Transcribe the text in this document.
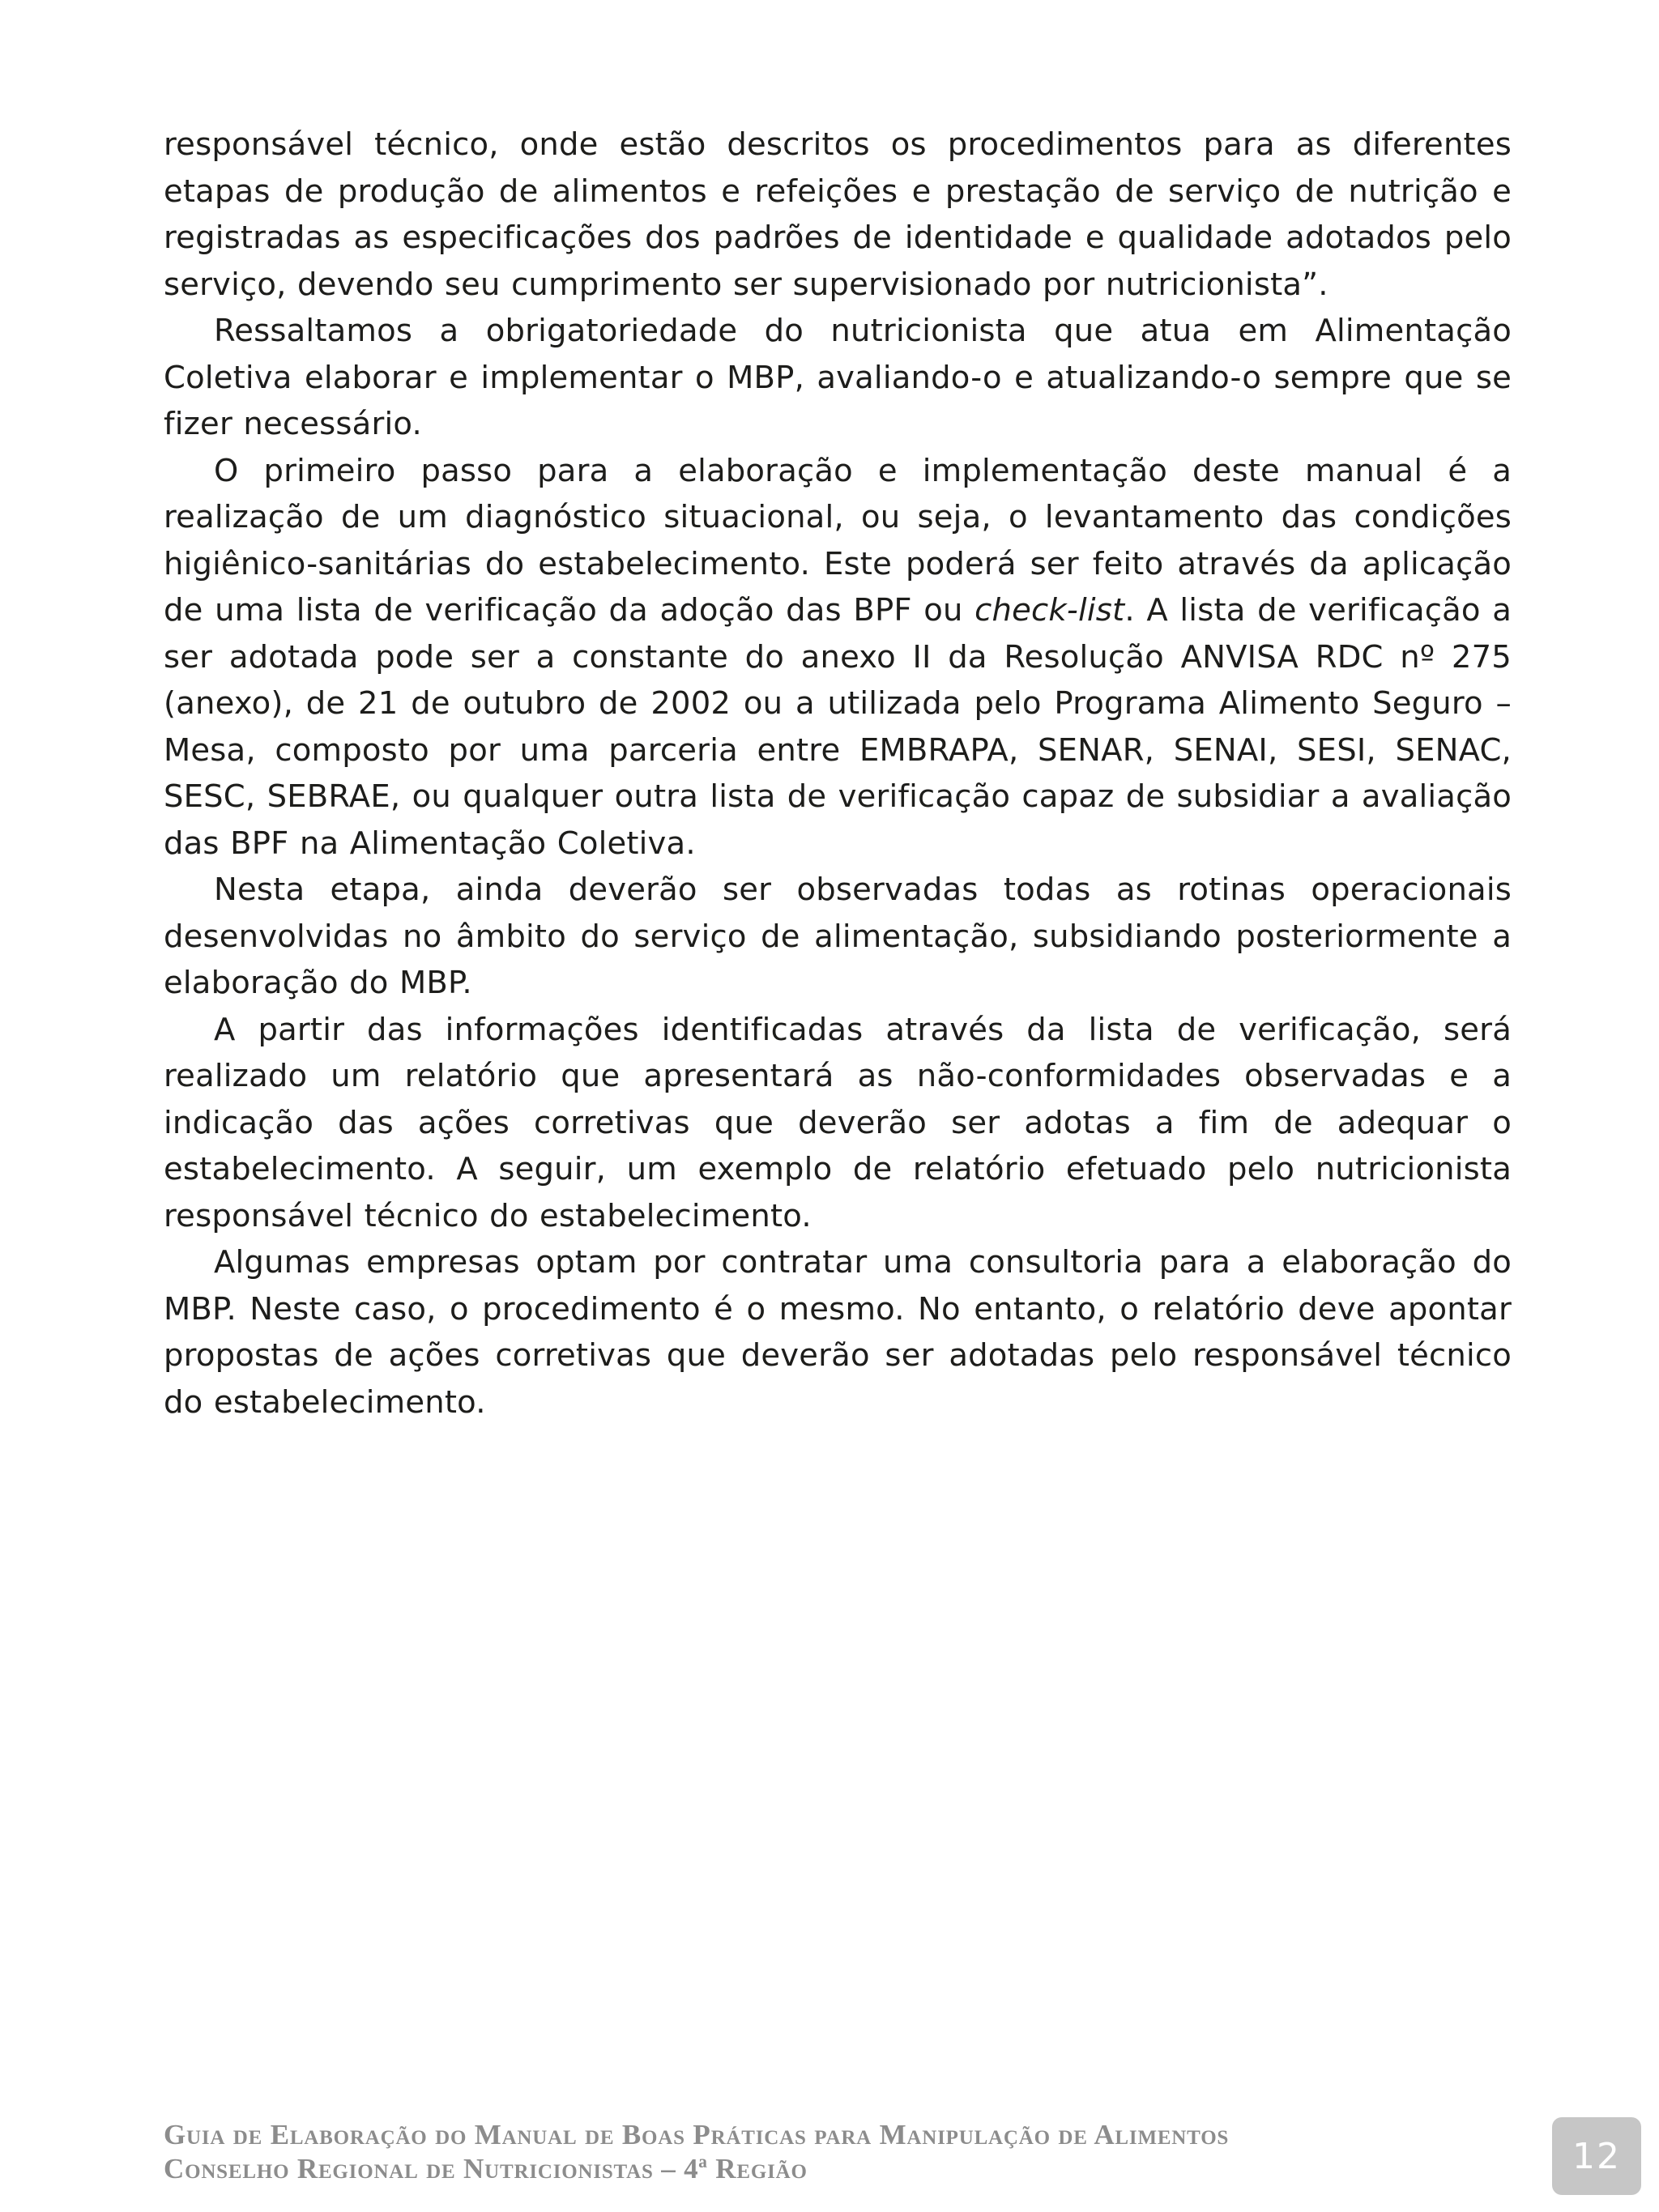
responsável técnico, onde estão descritos os procedimentos para as diferentes etapas de produção de alimentos e refeições e prestação de serviço de nutrição e registradas as especificações dos padrões de identidade e qualidade adotados pelo serviço, devendo seu cumprimento ser supervisionado por nutricionista”.

Ressaltamos a obrigatoriedade do nutricionista que atua em Alimentação Coletiva elaborar e implementar o MBP, avaliando-o e atualizando-o sempre que se fizer necessário.

O primeiro passo para a elaboração e implementação deste manual é a realização de um diagnóstico situacional, ou seja, o levantamento das condições higiênico-sanitárias do estabelecimento. Este poderá ser feito através da aplicação de uma lista de verificação da adoção das BPF ou check-list. A lista de verificação a ser adotada pode ser a constante do anexo II da Resolução ANVISA RDC nº 275 (anexo), de 21 de outubro de 2002 ou a utilizada pelo Programa Alimento Seguro – Mesa, composto por uma parceria entre EMBRAPA, SENAR, SENAI, SESI, SENAC, SESC, SEBRAE, ou qualquer outra lista de verificação capaz de subsidiar a avaliação das BPF na Alimentação Coletiva.

Nesta etapa, ainda deverão ser observadas todas as rotinas operacionais desenvolvidas no âmbito do serviço de alimentação, subsidiando posteriormente a elaboração do MBP.

A partir das informações identificadas através da lista de verificação, será realizado um relatório que apresentará as não-conformidades observadas e a indicação das ações corretivas que deverão ser adotas a fim de adequar o estabelecimento. A seguir, um exemplo de relatório efetuado pelo nutricionista responsável técnico do estabelecimento.

Algumas empresas optam por contratar uma consultoria para a elaboração do MBP. Neste caso, o procedimento é o mesmo. No entanto, o relatório deve apontar propostas de ações corretivas que deverão ser adotadas pelo responsável técnico do estabelecimento.

Guia de Elaboração do Manual de Boas Práticas para Manipulação de Alimentos
Conselho Regional de Nutricionistas – 4ª Região	12
